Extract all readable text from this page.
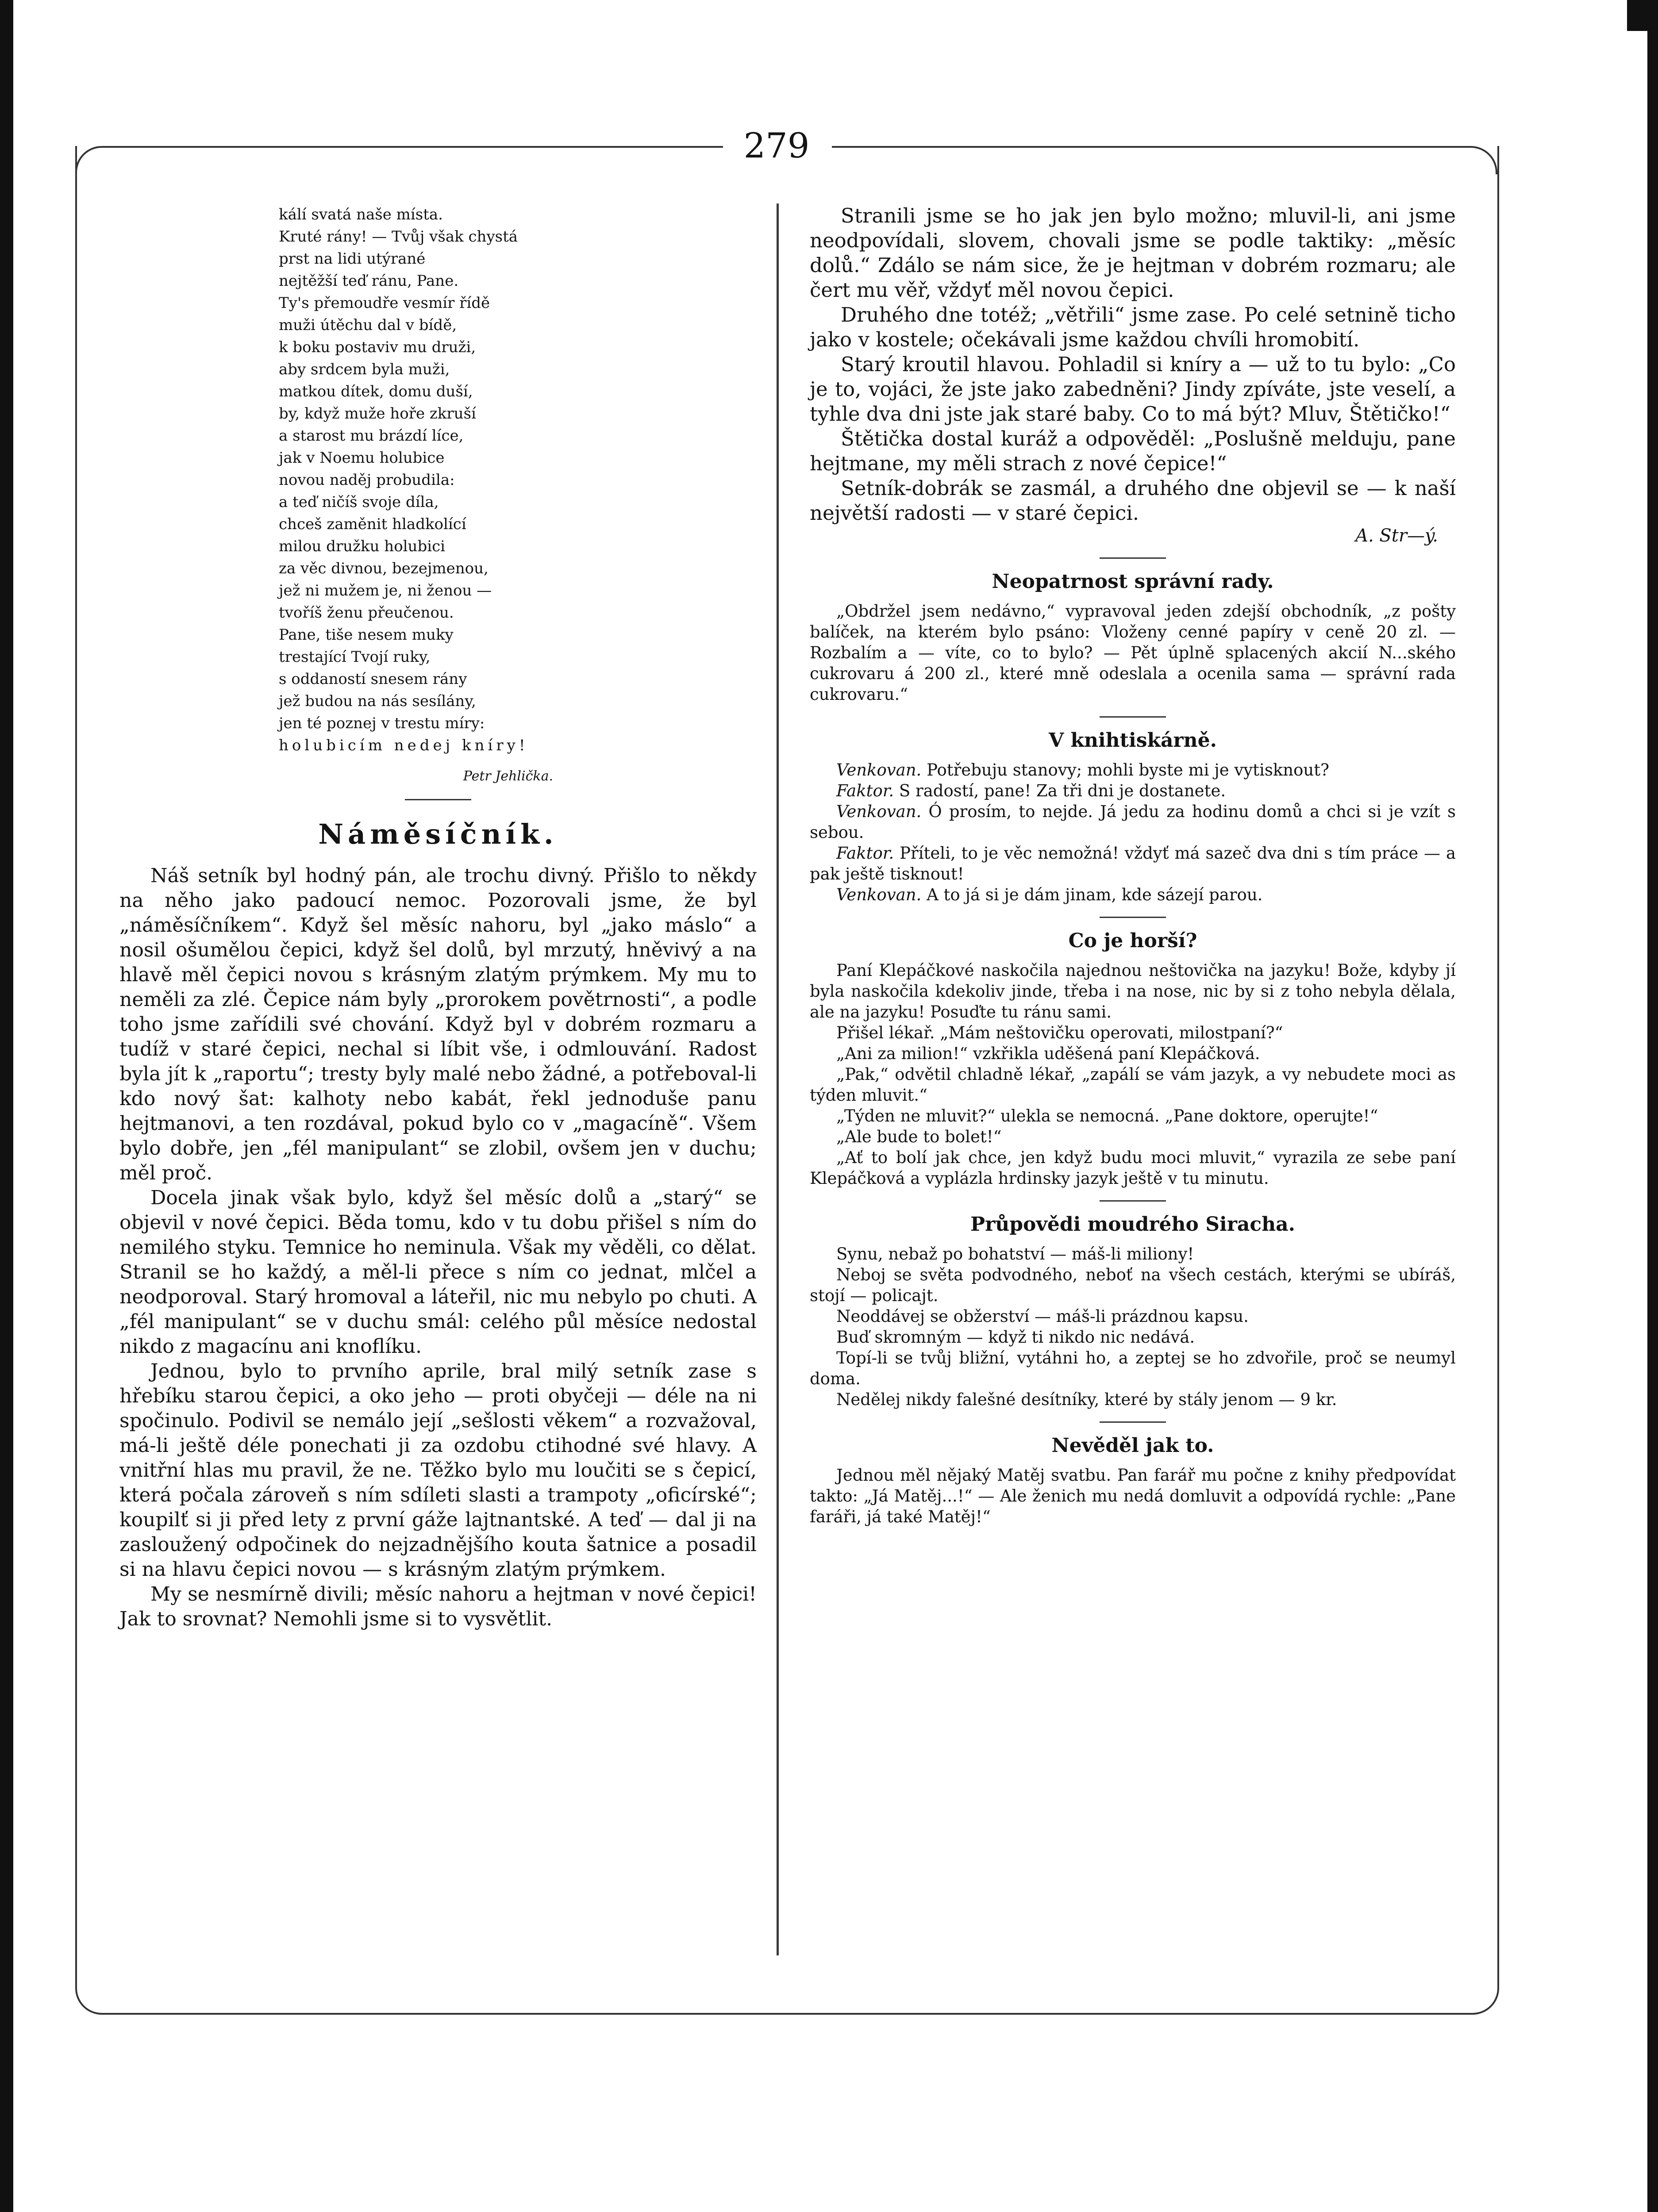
279
kálí svatá naše místa.
Kruté rány! — Tvůj však chystá
prst na lidi utýrané
nejtěžší teď ránu, Pane.
Ty's přemoudře vesmír řídě
muži útěchu dal v bídě,
k boku postaviv mu druži,
aby srdcem byla muži,
matkou dítek, domu duší,
by, když muže hoře zkruší
a starost mu brázdí líce,
jak v Noemu holubice
novou naděj probudila:
a teď ničíš svoje díla,
chceš zaměnit hladkolící
milou družku holubici
za věc divnou, bezejmenou,
jež ni mužem je, ni ženou —
tvoříš ženu přeučenou.
Pane, tiše nesem muky
trestající Tvojí ruky,
s oddaností snesem rány
jež budou na nás sesílány,
jen té poznej v trestu míry:
holubicím nedej kníry!
Petr Jehlička.
Náměsíčník.

Náš setník byl hodný pán, ale trochu divný. Přišlo to někdy na něho jako padoucí nemoc. Pozorovali jsme, že byl „náměsíčníkem“. Když šel měsíc nahoru, byl „jako máslo“ a nosil ošumělou čepici, když šel dolů, byl mrzutý, hněvivý a na hlavě měl čepici novou s krásným zlatým prýmkem. My mu to neměli za zlé. Čepice nám byly „prorokem povětrnosti“, a podle toho jsme zařídili své chování. Když byl v dobrém rozmaru a tudíž v staré čepici, nechal si líbit vše, i odmlouvání. Radost byla jít k „raportu“; tresty byly malé nebo žádné, a potřeboval-li kdo nový šat: kalhoty nebo kabát, řekl jednoduše panu hejtmanovi, a ten rozdával, pokud bylo co v „magacíně“. Všem bylo dobře, jen „fél manipulant“ se zlobil, ovšem jen v duchu; měl proč.

Docela jinak však bylo, když šel měsíc dolů a „starý“ se objevil v nové čepici. Běda tomu, kdo v tu dobu přišel s ním do nemilého styku. Temnice ho neminula. Však my věděli, co dělat. Stranil se ho každý, a měl-li přece s ním co jednat, mlčel a neodporoval. Starý hromoval a láteřil, nic mu nebylo po chuti. A „fél manipulant“ se v duchu smál: celého půl měsíce nedostal nikdo z magacínu ani knoflíku.

Jednou, bylo to prvního aprile, bral milý setník zase s hřebíku starou čepici, a oko jeho — proti obyčeji — déle na ni spočinulo. Podivil se nemálo její „sešlosti věkem“ a rozvažoval, má-li ještě déle ponechati ji za ozdobu ctihodné své hlavy. A vnitřní hlas mu pravil, že ne. Těžko bylo mu loučiti se s čepicí, která počala zároveň s ním sdíleti slasti a trampoty „oficírské“; koupilť si ji před lety z první gáže lajtnantské. A teď — dal ji na zasloužený odpočinek do nejzadnějšího kouta šatnice a posadil si na hlavu čepici novou — s krásným zlatým prýmkem.

My se nesmírně divili; měsíc nahoru a hejtman v nové čepici! Jak to srovnat? Nemohli jsme si to vysvětlit.

Stranili jsme se ho jak jen bylo možno; mluvil-li, ani jsme neodpovídali, slovem, chovali jsme se podle taktiky: „měsíc dolů.“ Zdálo se nám sice, že je hejtman v dobrém rozmaru; ale čert mu věř, vždyť měl novou čepici.

Druhého dne totéž; „větřili“ jsme zase. Po celé setnině ticho jako v kostele; očekávali jsme každou chvíli hromobití.

Starý kroutil hlavou. Pohladil si kníry a — už to tu bylo: „Co je to, vojáci, že jste jako zabedněni? Jindy zpíváte, jste veselí, a tyhle dva dni jste jak staré baby. Co to má být? Mluv, Štětičko!“

Štětička dostal kuráž a odpověděl: „Poslušně melduju, pane hejtmane, my měli strach z nové čepice!“

Setník-dobrák se zasmál, a druhého dne objevil se — k naší největší radosti — v staré čepici.

A. Str—ý.
Neopatrnost správní rady.

„Obdržel jsem nedávno,“ vypravoval jeden zdejší obchodník, „z pošty balíček, na kterém bylo psáno: Vloženy cenné papíry v ceně 20 zl. — Rozbalím a — víte, co to bylo? — Pět úplně splacených akcií N...ského cukrovaru á 200 zl., které mně odeslala a ocenila sama — správní rada cukrovaru.“

V knihtiskárně.

Venkovan. Potřebuju stanovy; mohli byste mi je vytisknout?

Faktor. S radostí, pane! Za tři dni je dostanete.

Venkovan. Ó prosím, to nejde. Já jedu za hodinu domů a chci si je vzít s sebou.

Faktor. Příteli, to je věc nemožná! vždyť má sazeč dva dni s tím práce — a pak ještě tisknout!

Venkovan. A to já si je dám jinam, kde sázejí parou.

Co je horší?

Paní Klepáčkové naskočila najednou neštovička na jazyku! Bože, kdyby jí byla naskočila kdekoliv jinde, třeba i na nose, nic by si z toho nebyla dělala, ale na jazyku! Posuďte tu ránu sami.

Přišel lékař. „Mám neštovičku operovati, milostpaní?“

„Ani za milion!“ vzkřikla uděšená paní Klepáčková.

„Pak,“ odvětil chladně lékař, „zapálí se vám jazyk, a vy nebudete moci as týden mluvit.“

„Týden ne mluvit?“ ulekla se nemocná. „Pane doktore, operujte!“

„Ale bude to bolet!“

„Ať to bolí jak chce, jen když budu moci mluvit,“ vyrazila ze sebe paní Klepáčková a vyplázla hrdinsky jazyk ještě v tu minutu.

Průpovědi moudrého Siracha.

Synu, nebaž po bohatství — máš-li miliony!

Neboj se světa podvodného, neboť na všech cestách, kterými se ubíráš, stojí — policajt.

Neoddávej se obžerství — máš-li prázdnou kapsu.

Buď skromným — když ti nikdo nic nedává.

Topí-li se tvůj bližní, vytáhni ho, a zeptej se ho zdvořile, proč se neumyl doma.

Nedělej nikdy falešné desítníky, které by stály jenom — 9 kr.

Nevěděl jak to.

Jednou měl nějaký Matěj svatbu. Pan farář mu počne z knihy předpovídat takto: „Já Matěj...!“ — Ale ženich mu nedá domluvit a odpovídá rychle: „Pane faráři, já také Matěj!“
